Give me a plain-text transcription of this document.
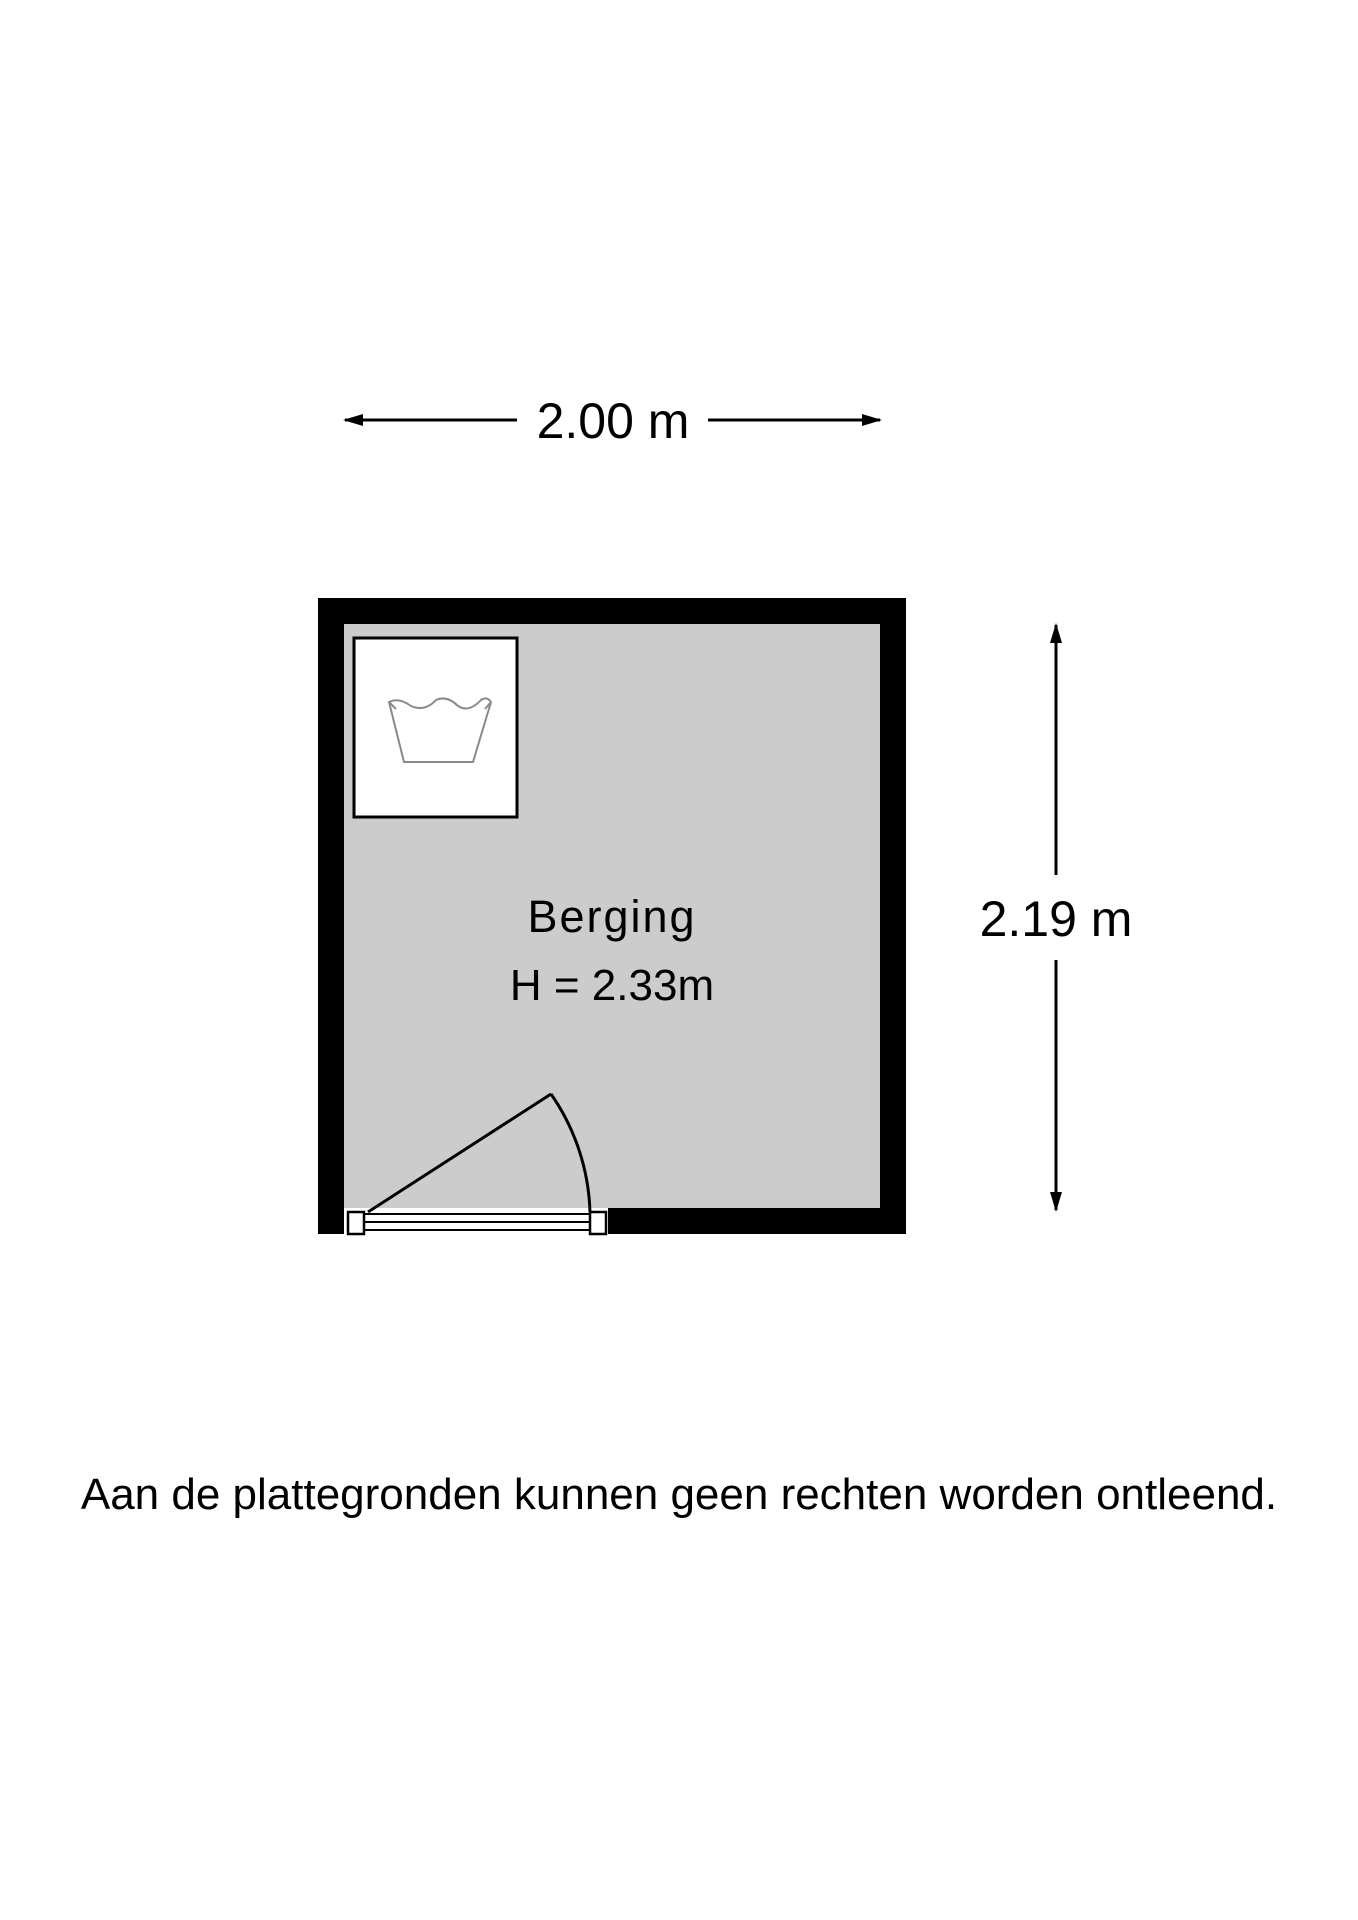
2.00 m
2.19 m
Berging
H = 2.33m
Aan de plattegronden kunnen geen rechten worden ontleend.
